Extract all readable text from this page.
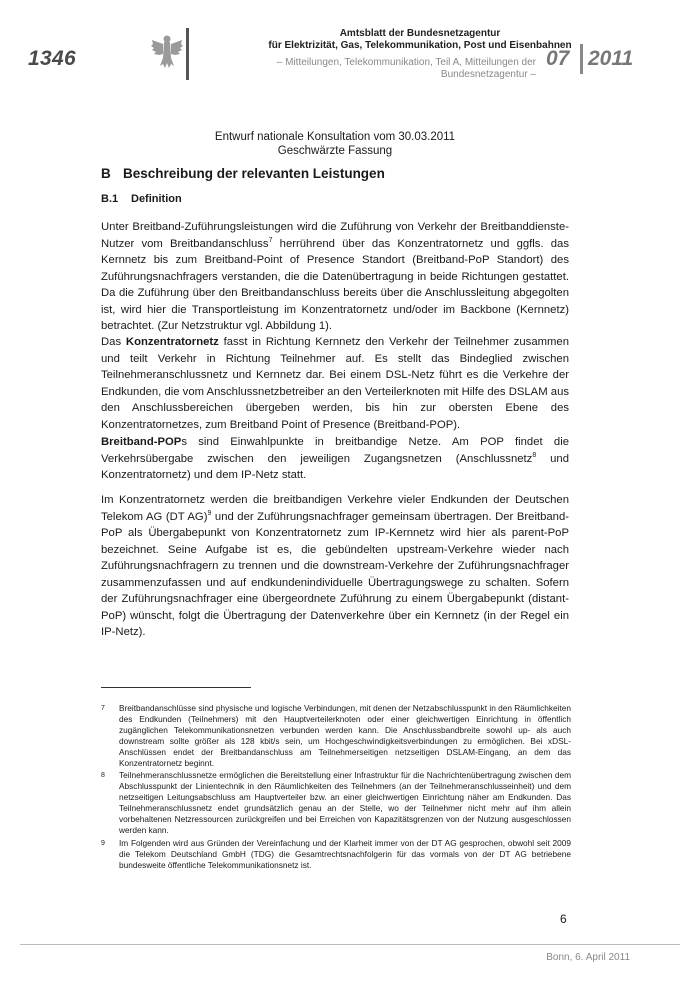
1346
Amtsblatt der Bundesnetzagentur
für Elektrizität, Gas, Telekommunikation, Post und Eisenbahnen
– Mitteilungen, Telekommunikation, Teil A, Mitteilungen der Bundesnetzagentur –
07 2011
Entwurf nationale Konsultation vom 30.03.2011
Geschwärzte Fassung
B Beschreibung der relevanten Leistungen
B.1 Definition

Unter Breitband-Zuführungsleistungen wird die Zuführung von Verkehr der Breitbanddienste-Nutzer vom Breitbandanschluss$^7$ herrührend über das Konzentratornetz und ggfls. das Kernnetz bis zum Breitband-Point of Presence Standort (Breitband-PoP Standort) des Zuführungsnachfragers verstanden, die die Datenübertragung in beide Richtungen gestattet. Da die Zuführung über den Breitbandanschluss bereits über die Anschlussleitung abgegolten ist, wird hier die Transportleistung im Konzentratornetz und/oder im Backbone (Kernnetz) betrachtet. (Zur Netzstruktur vgl. Abbildung 1).

Das Konzentratornetz fasst in Richtung Kernnetz den Verkehr der Teilnehmer zusammen und teilt Verkehr in Richtung Teilnehmer auf. Es stellt das Bindeglied zwischen Teilnehmeranschlussnetz und Kernnetz dar. Bei einem DSL-Netz führt es die Verkehre der Endkunden, die vom Anschlussnetzbetreiber an den Verteilerknoten mit Hilfe des DSLAM aus den Anschlussbereichen übergeben werden, bis hin zur obersten Ebene des Konzentratornetzes, zum Breitband Point of Presence (Breitband-POP).

Breitband-POPs sind Einwahlpunkte in breitbandige Netze. Am POP findet die Verkehrsübergabe zwischen den jeweiligen Zugangsnetzen (Anschlussnetz$^8$ und Konzentratornetz) und dem IP-Netz statt.

Im Konzentratornetz werden die breitbandigen Verkehre vieler Endkunden der Deutschen Telekom AG (DT AG)$^9$ und der Zuführungsnachfrager gemeinsam übertragen. Der Breitband-PoP als Übergabepunkt von Konzentratornetz zum IP-Kernnetz wird hier als parent-PoP bezeichnet. Seine Aufgabe ist es, die gebündelten upstream-Verkehre wieder nach Zuführungsnachfragern zu trennen und die downstream-Verkehre der Zuführungsnachfrager zusammenzufassen und auf endkundenindividuelle Übertragungswege zu schalten. Sofern der Zuführungsnachfrager eine übergeordnete Zuführung zu einem Übergabepunkt (distant-PoP) wünscht, folgt die Übertragung der Datenverkehre über ein Kernnetz (in der Regel ein IP-Netz).

7 Breitbandanschlüsse sind physische und logische Verbindungen, mit denen der Netzabschlusspunkt in den Räumlichkeiten des Endkunden (Teilnehmers) mit den Hauptverteilerknoten oder einer gleichwertigen Einrichtung in öffentlich zugänglichen Telekommunikationsnetzen verbunden werden kann. Die Anschlussbandbreite sowohl up- als auch downstream sollte größer als 128 kbit/s sein, um Hochgeschwindigkeitsverbindungen zu ermöglichen. Bei xDSL-Anschlüssen endet der Breitbandanschluss am Teilnehmerseitigen netzseitigen DSLAM-Eingang, an dem das Konzentratornetz beginnt.
8 Teilnehmeranschlussnetze ermöglichen die Bereitstellung einer Infrastruktur für die Nachrichtenübertragung zwischen dem Abschlusspunkt der Linientechnik in den Räumlichkeiten des Teilnehmers (an der Teilnehmeranschlusseinheit) und dem netzseitigen Leitungsabschluss am Hauptverteiler bzw. an einer gleichwertigen Einrichtung näher am Endkunden. Das Teilnehmeranschlussnetz endet grundsätzlich genau an der Stelle, wo der Teilnehmer nicht mehr auf ihm allein vorbehaltenen Netzressourcen zurückgreifen und bei Erreichen von Kapazitätsgrenzen von der Nutzung ausgeschlossen werden kann.
9 Im Folgenden wird aus Gründen der Vereinfachung und der Klarheit immer von der DT AG gesprochen, obwohl seit 2009 die Telekom Deutschland GmbH (TDG) die Gesamtrechtsnachfolgerin für das vormals von der DT AG betriebene bundesweite öffentliche Telekommunikationsnetz ist.
6
Bonn, 6. April 2011
